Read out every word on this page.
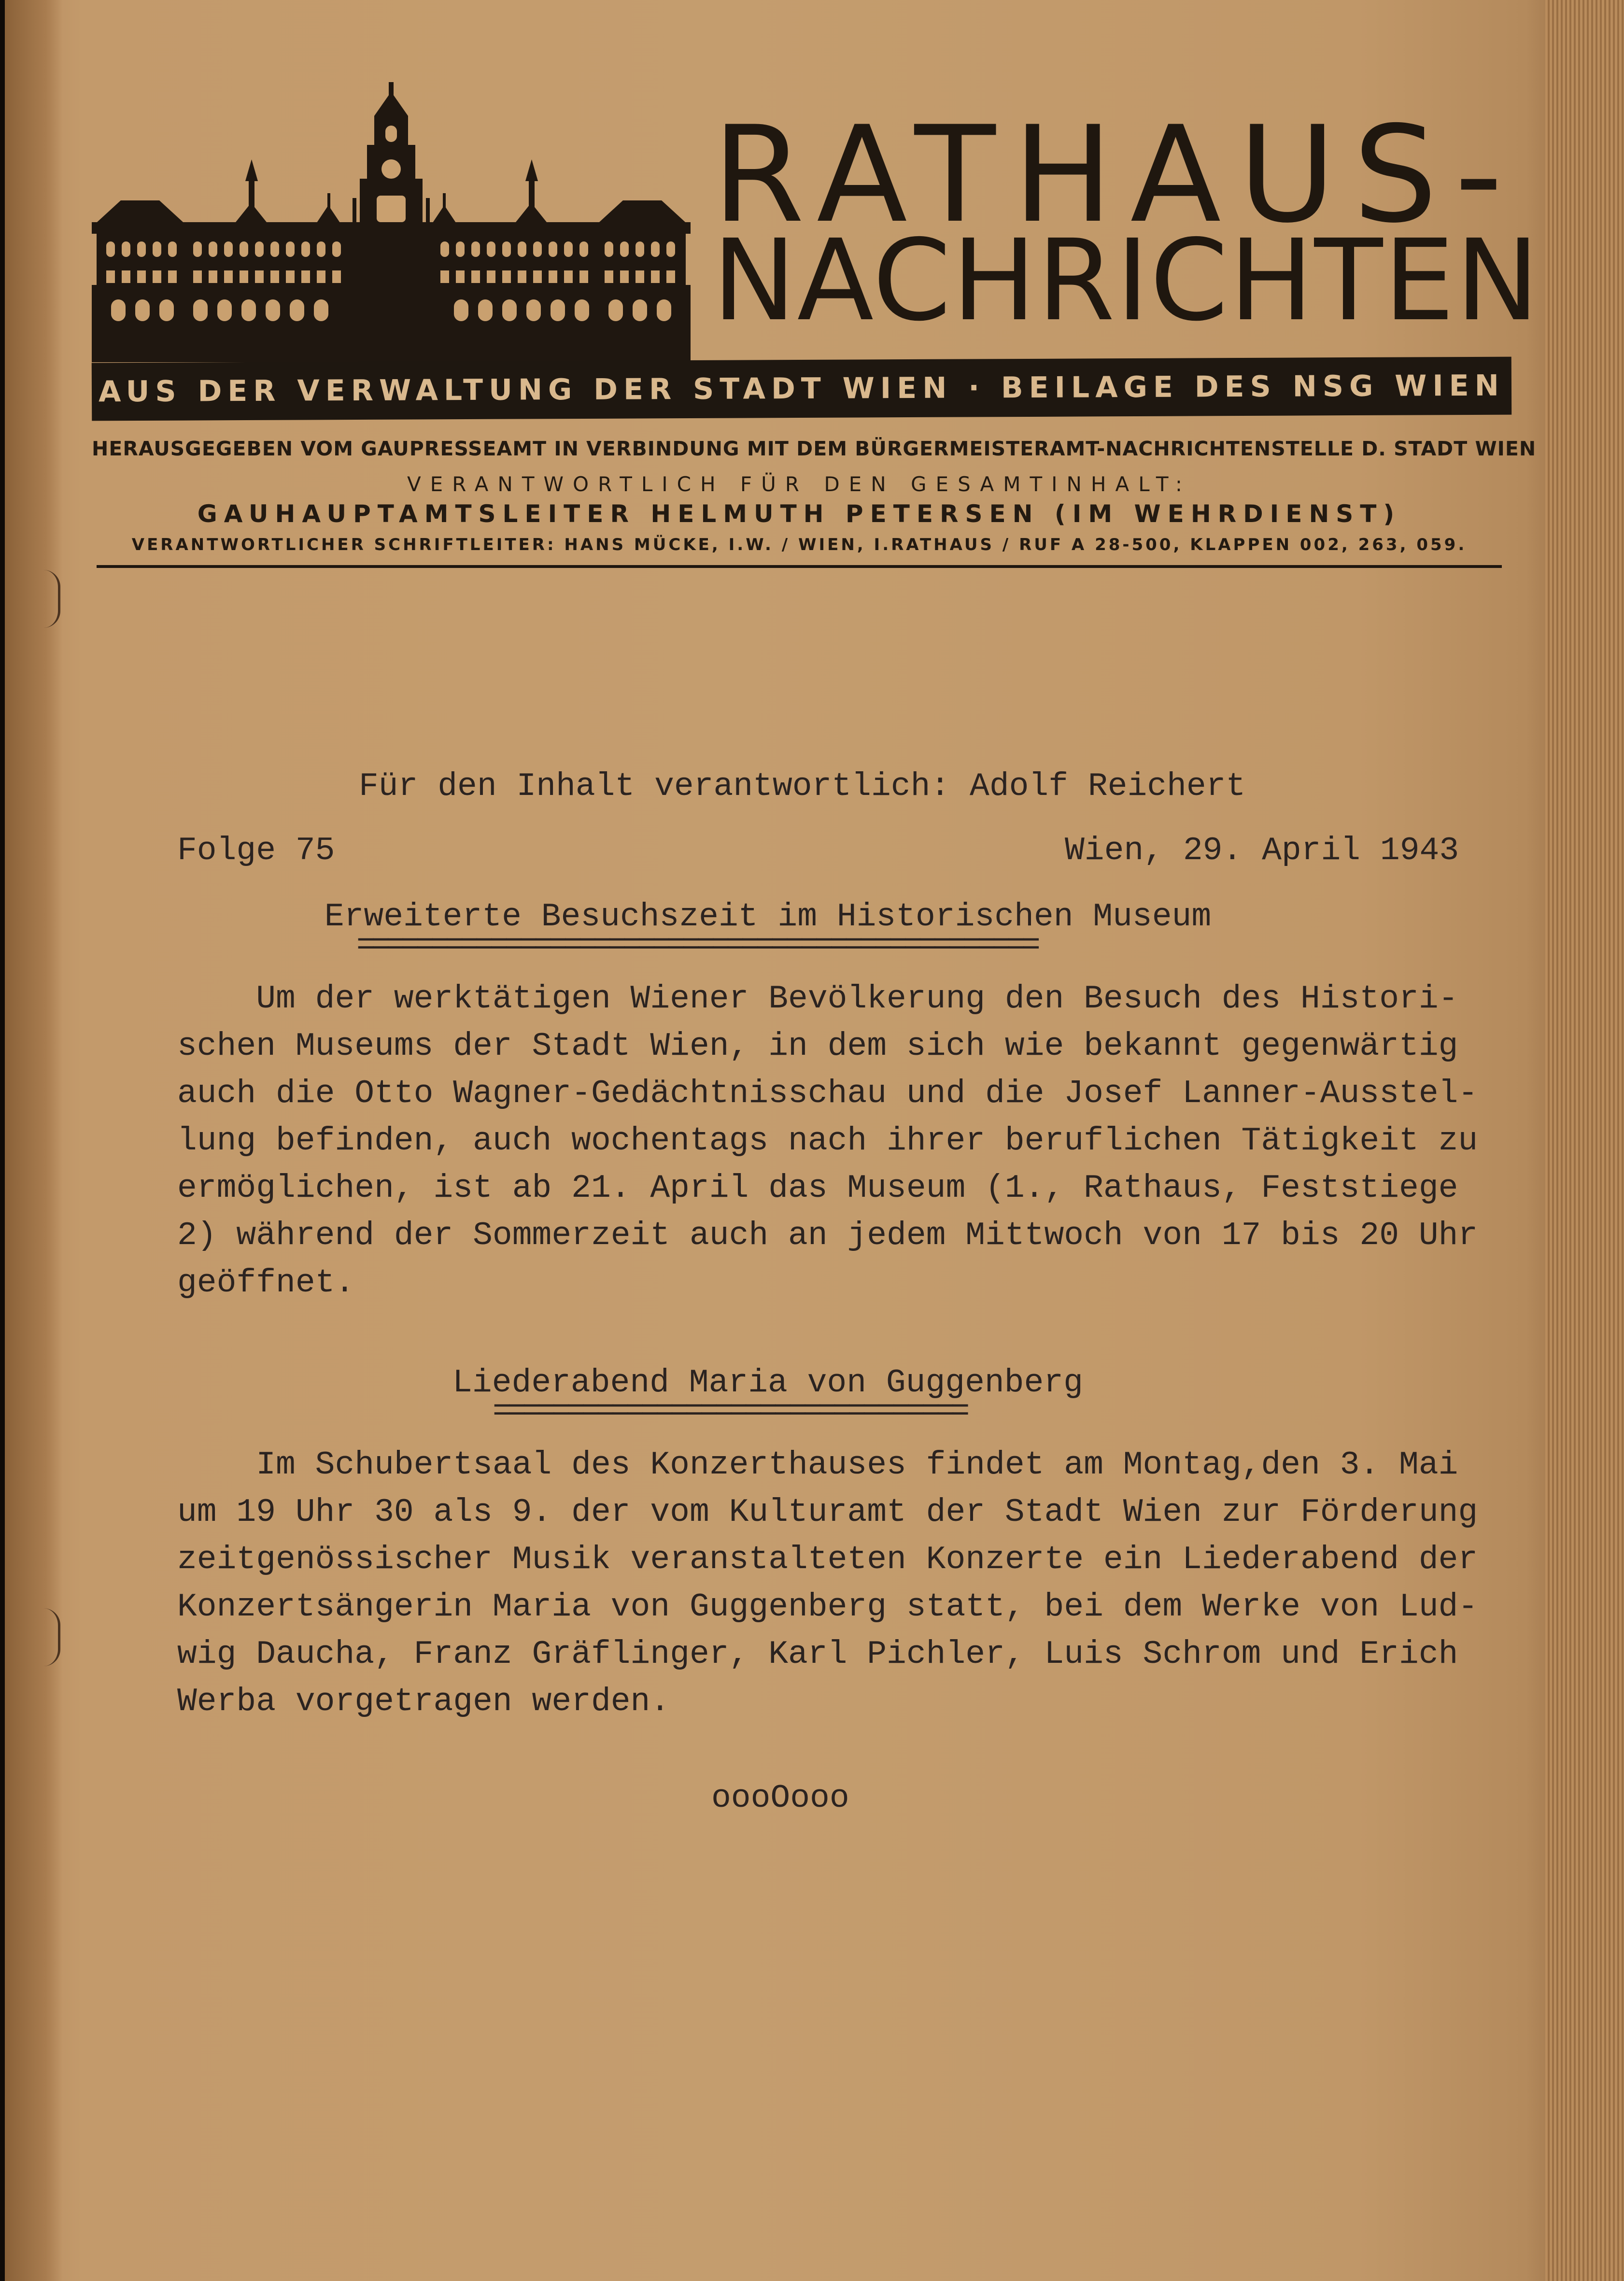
RATHAUS-
NACHRICHTEN
AUS DER VERWALTUNG DER STADT WIEN · BEILAGE DES NSG WIEN
HERAUSGEGEBEN VOM GAUPRESSEAMT IN VERBINDUNG MIT DEM BÜRGERMEISTERAMT-NACHRICHTENSTELLE D. STADT WIEN
VERANTWORTLICH FÜR DEN GESAMTINHALT:
GAUHAUPTAMTSLEITER HELMUTH PETERSEN (IM WEHRDIENST)
VERANTWORTLICHER SCHRIFTLEITER: HANS MÜCKE, I.W. / WIEN, I.RATHAUS / RUF A 28-500, KLAPPEN 002, 263, 059.

Für den Inhalt verantwortlich: Adolf Reichert

Folge 75	Wien, 29. April 1943

Erweiterte Besuchszeit im Historischen Museum

==============================================

Um der werktätigen Wiener Bevölkerung den Besuch des Histori-
schen Museums der Stadt Wien, in dem sich wie bekannt gegenwärtig
auch die Otto Wagner-Gedächtnisschau und die Josef Lanner-Ausstel-
lung befinden, auch wochentags nach ihrer beruflichen Tätigkeit zu
ermöglichen, ist ab 21. April das Museum (1., Rathaus, Feststiege
2) während der Sommerzeit auch an jedem Mittwoch von 17 bis 20 Uhr
geöffnet.
Liederabend Maria von Guggenberg

================================

Im Schubertsaal des Konzerthauses findet am Montag,den 3. Mai
um 19 Uhr 30 als 9. der vom Kulturamt der Stadt Wien zur Förderung
zeitgenössischer Musik veranstalteten Konzerte ein Liederabend der
Konzertsängerin Maria von Guggenberg statt, bei dem Werke von Lud-
wig Daucha, Franz Gräflinger, Karl Pichler, Luis Schrom und Erich
Werba vorgetragen werden.

oooOooo
